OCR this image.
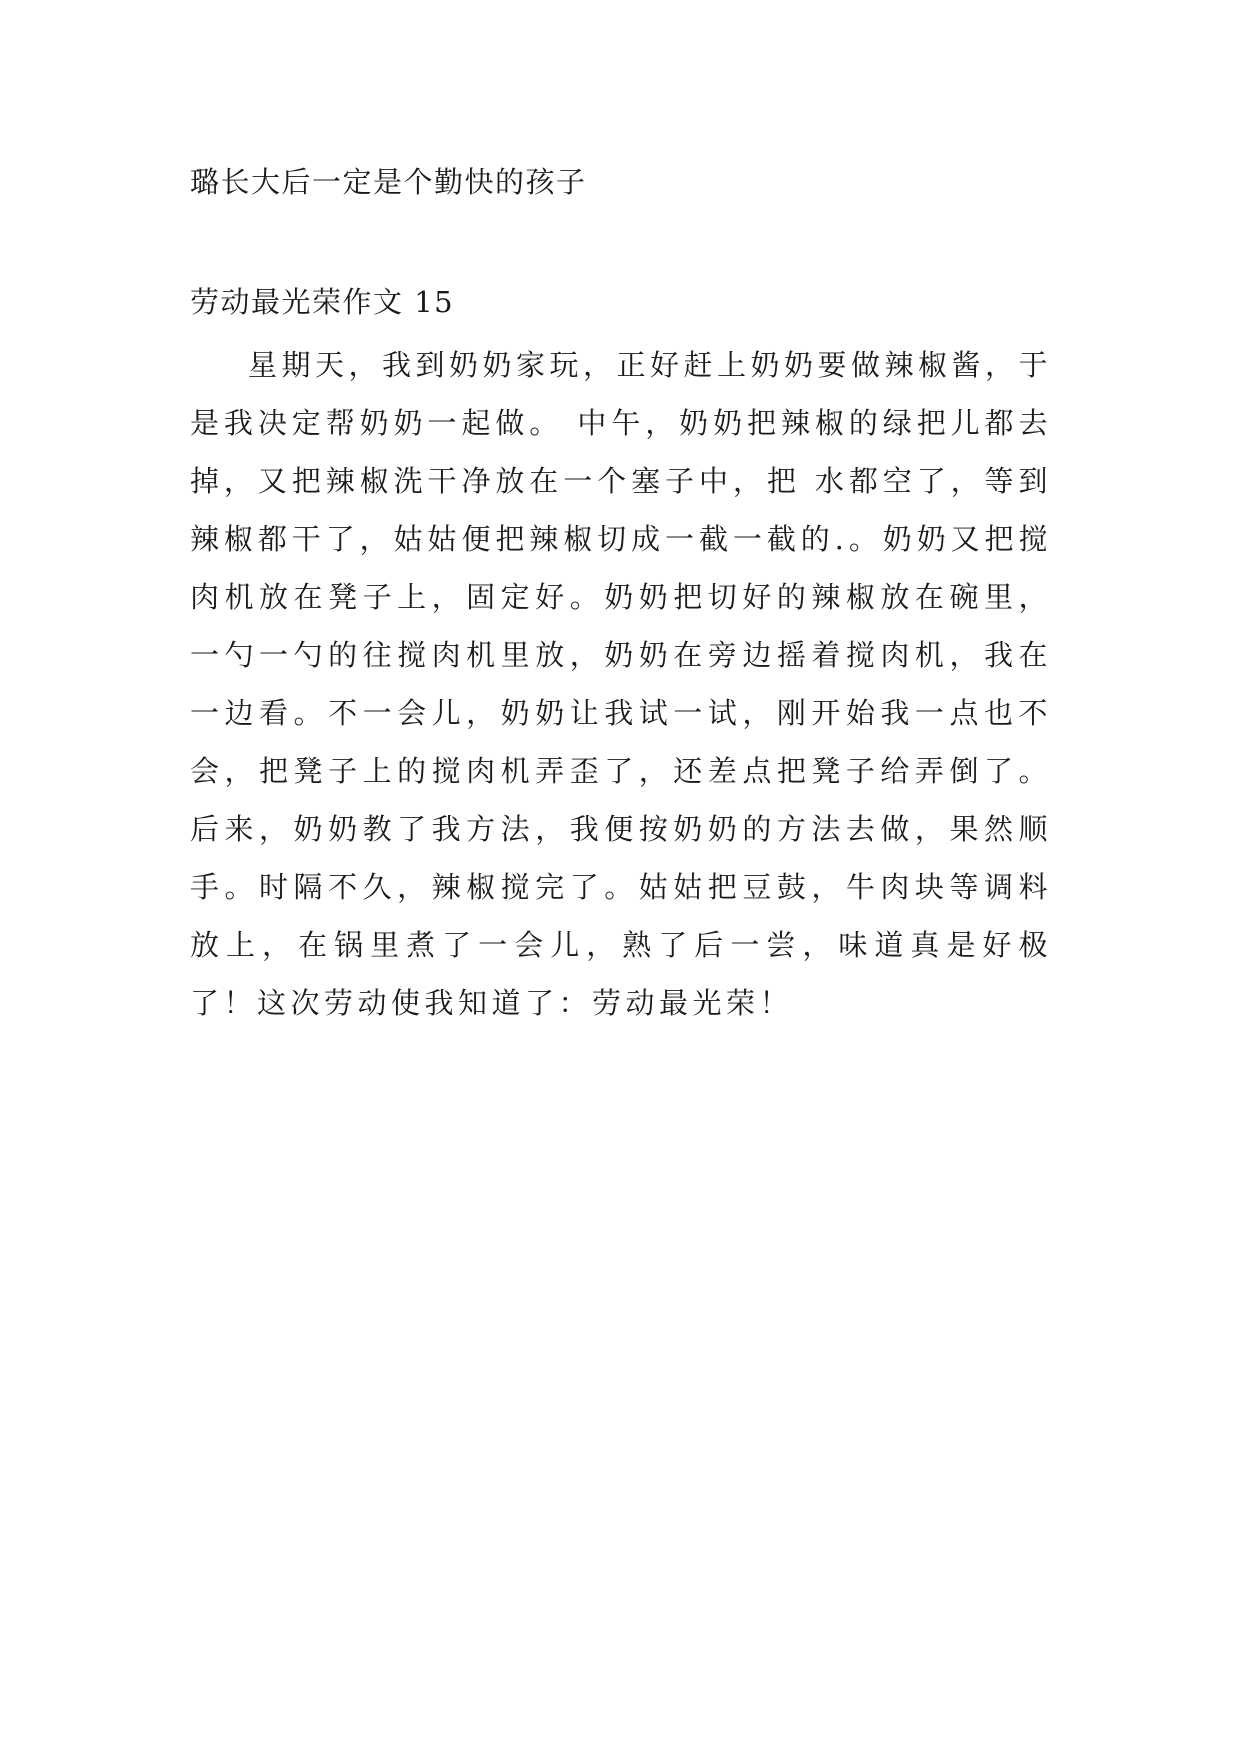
璐长大后一定是个勤快的孩子
劳动最光荣作文 15

星期天，我到奶奶家玩，正好赶上奶奶要做辣椒酱，于是我决定帮奶奶一起做。 中午，奶奶把辣椒的绿把儿都去掉，又把辣椒洗干净放在一个塞子中，把 水都空了，等到辣椒都干了，姑姑便把辣椒切成一截一截的.。奶奶又把搅肉机放在凳子上，固定好。奶奶把切好的辣椒放在碗里，一勺一勺的往搅肉机里放，奶奶在旁边摇着搅肉机，我在一边看。不一会儿，奶奶让我试一试，刚开始我一点也不会，把凳子上的搅肉机弄歪了，还差点把凳子给弄倒了。后来，奶奶教了我方法，我便按奶奶的方法去做，果然顺手。时隔不久，辣椒搅完了。姑姑把豆鼓，牛肉块等调料放上，在锅里煮了一会儿，熟了后一尝，味道真是好极了！这次劳动使我知道了：劳动最光荣！
